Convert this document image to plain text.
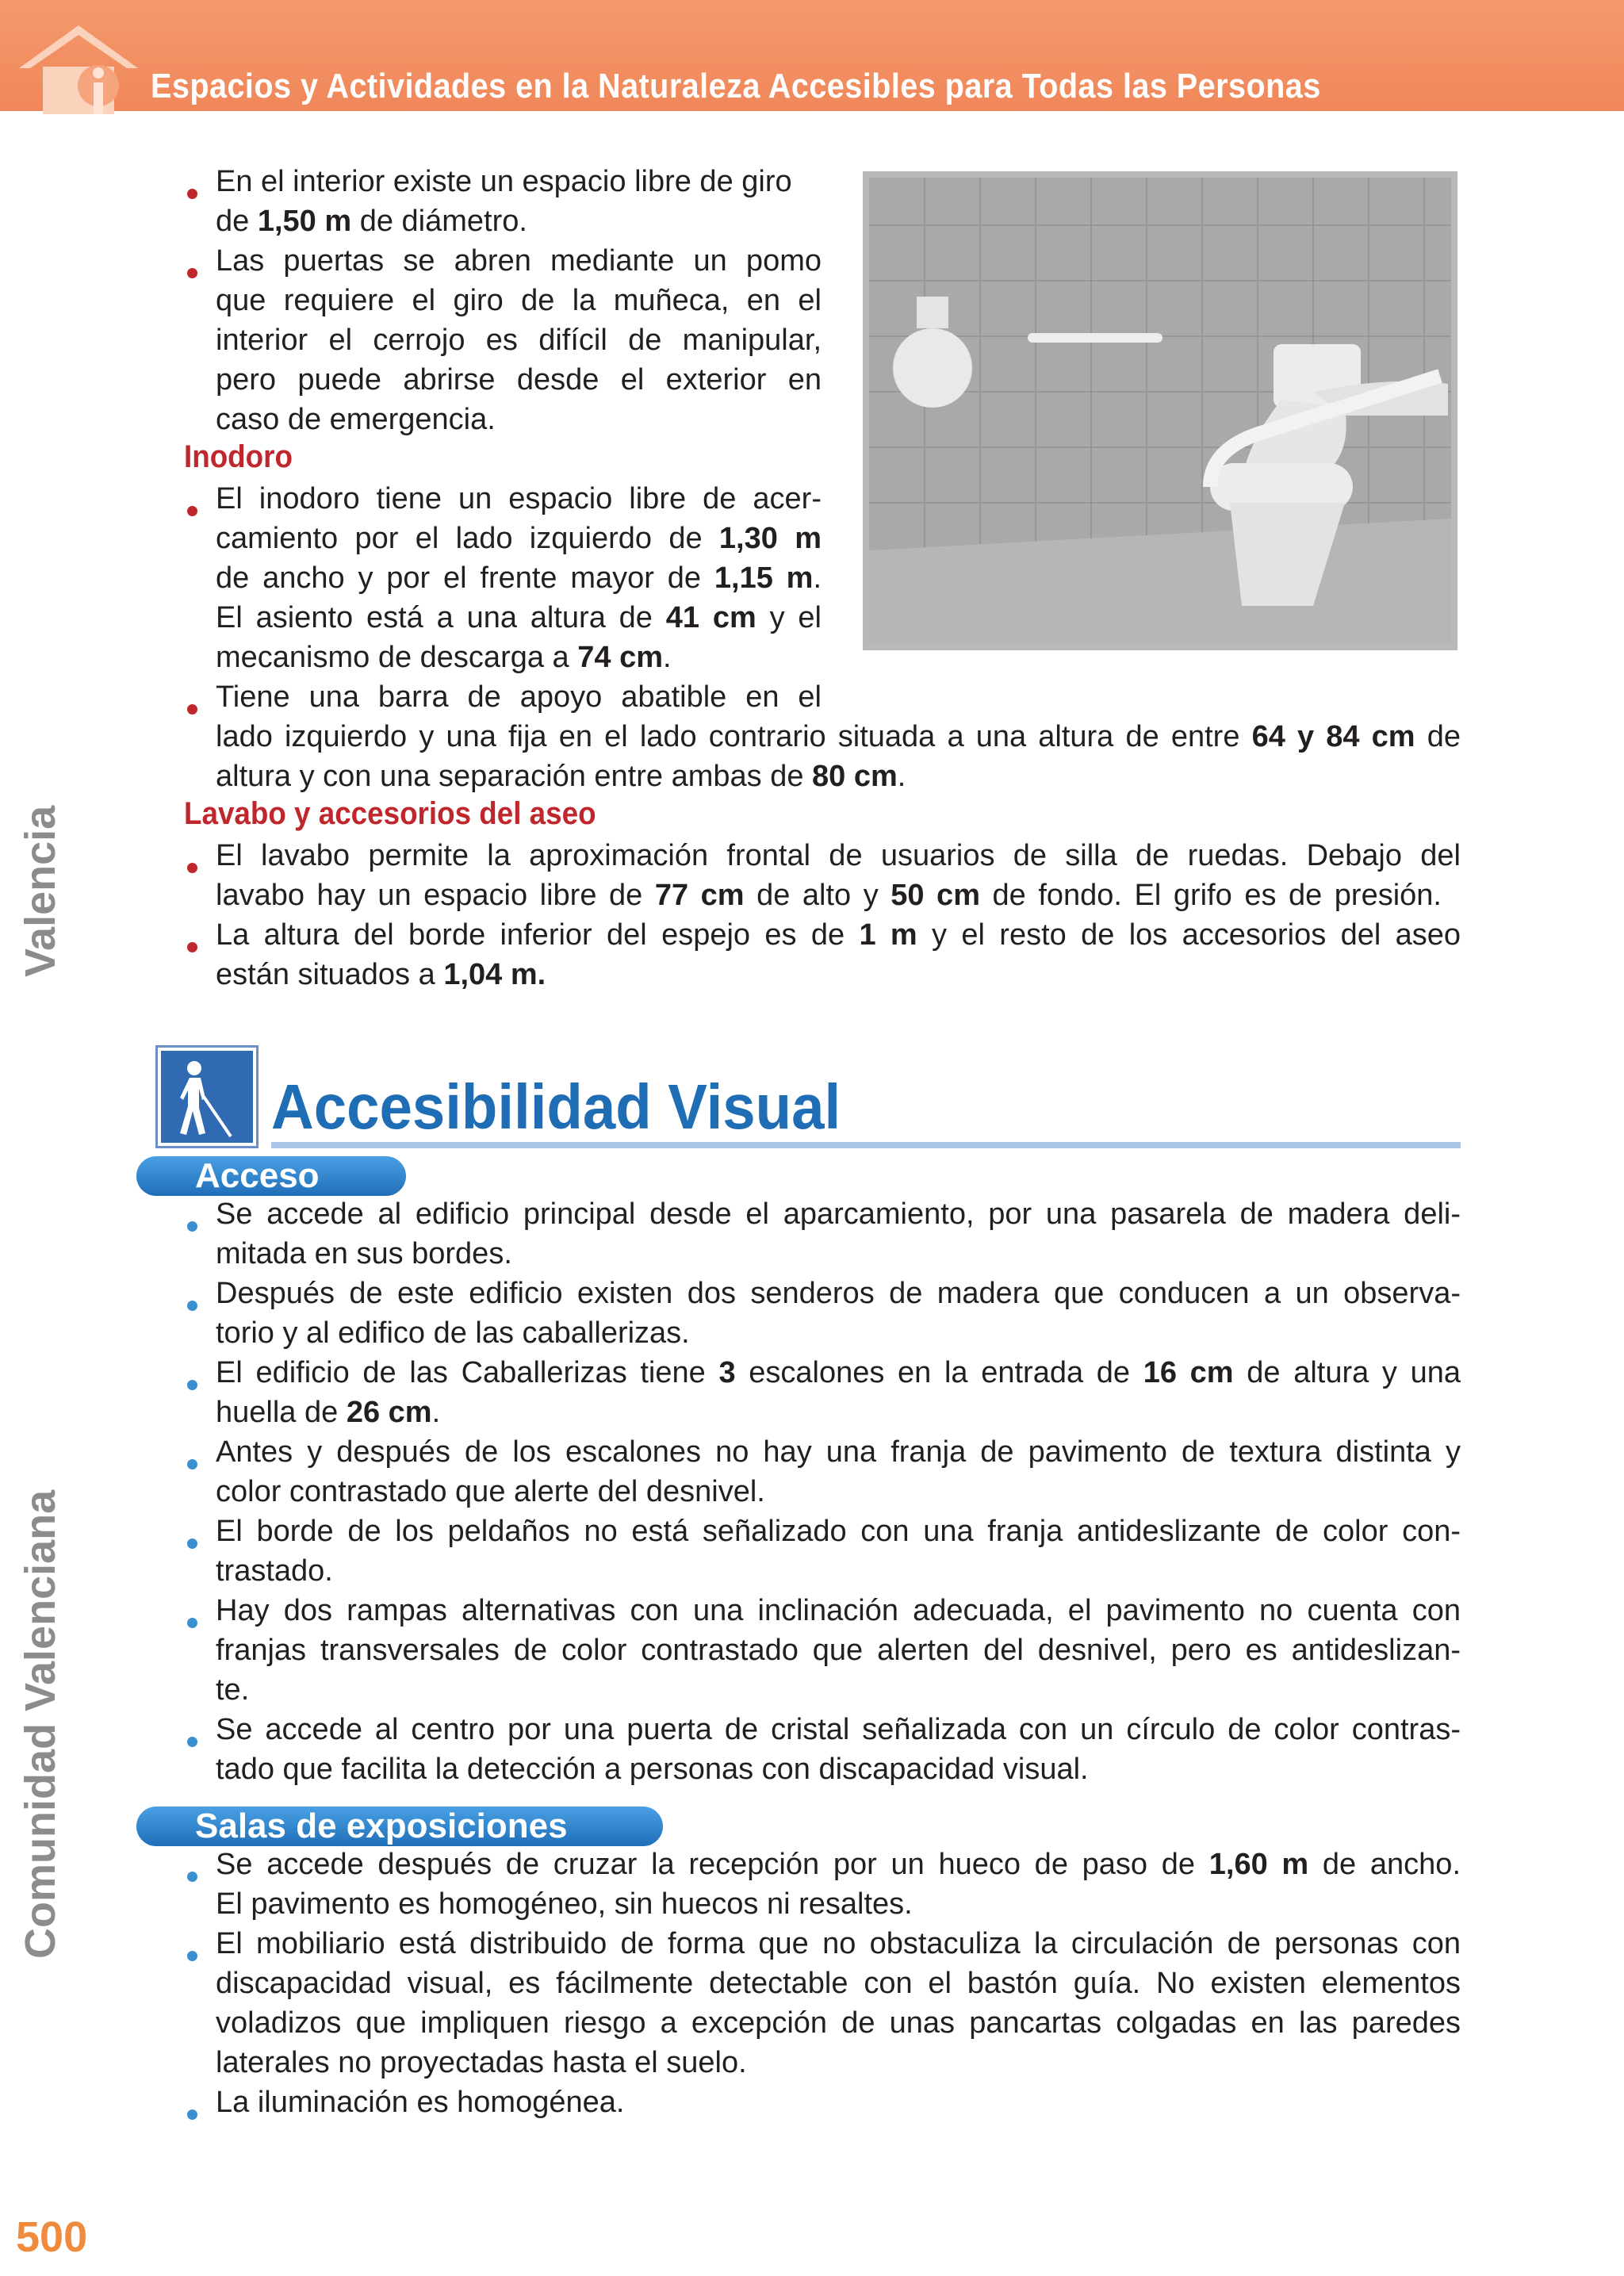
Espacios y Actividades en la Naturaleza Accesibles para Todas las Personas
Valencia
Comunidad Valenciana
En el interior existe un espacio libre de giro
de 1,50 m de diámetro.
Las puertas se abren mediante un pomo
que requiere el giro de la muñeca, en el
interior el cerrojo es difícil de manipular,
pero puede abrirse desde el exterior en
caso de emergencia.
Inodoro
El inodoro tiene un espacio libre de acer-
camiento por el lado izquierdo de 1,30 m
de ancho y por el frente mayor de 1,15 m.
El asiento está a una altura de 41 cm y el
mecanismo de descarga a 74 cm.
Tiene una barra de apoyo abatible en el
lado izquierdo y una fija en el lado contrario situada a una altura de entre 64 y 84 cm de
altura y con una separación entre ambas de 80 cm.
Lavabo y accesorios del aseo
El lavabo permite la aproximación frontal de usuarios de silla de ruedas. Debajo del
lavabo hay un espacio libre de 77 cm de alto y 50 cm de fondo. El grifo es de presión.
La altura del borde inferior del espejo es de 1 m y el resto de los accesorios del aseo
están situados a 1,04 m.
Accesibilidad Visual
Acceso
Se accede al edificio principal desde el aparcamiento, por una pasarela de madera deli-
mitada en sus bordes.
Después de este edificio existen dos senderos de madera que conducen a un observa-
torio y al edifico de las caballerizas.
El edificio de las Caballerizas tiene 3 escalones en la entrada de 16 cm de altura y una
huella de 26 cm.
Antes y después de los escalones no hay una franja de pavimento de textura distinta y
color contrastado que alerte del desnivel.
El borde de los peldaños no está señalizado con una franja antideslizante de color con-
trastado.
Hay dos rampas alternativas con una inclinación adecuada, el pavimento no cuenta con
franjas transversales de color contrastado que alerten del desnivel, pero es antideslizan-
te.
Se accede al centro por una puerta de cristal señalizada con un círculo de color contras-
tado que facilita la detección a personas con discapacidad visual.
Salas de exposiciones
Se accede después de cruzar la recepción por un hueco de paso de 1,60 m de ancho.
El pavimento es homogéneo, sin huecos ni resaltes.
El mobiliario está distribuido de forma que no obstaculiza la circulación de personas con
discapacidad visual, es fácilmente detectable con el bastón guía. No existen elementos
voladizos que impliquen riesgo a excepción de unas pancartas colgadas en las paredes
laterales no proyectadas hasta el suelo.
La iluminación es homogénea.
500
